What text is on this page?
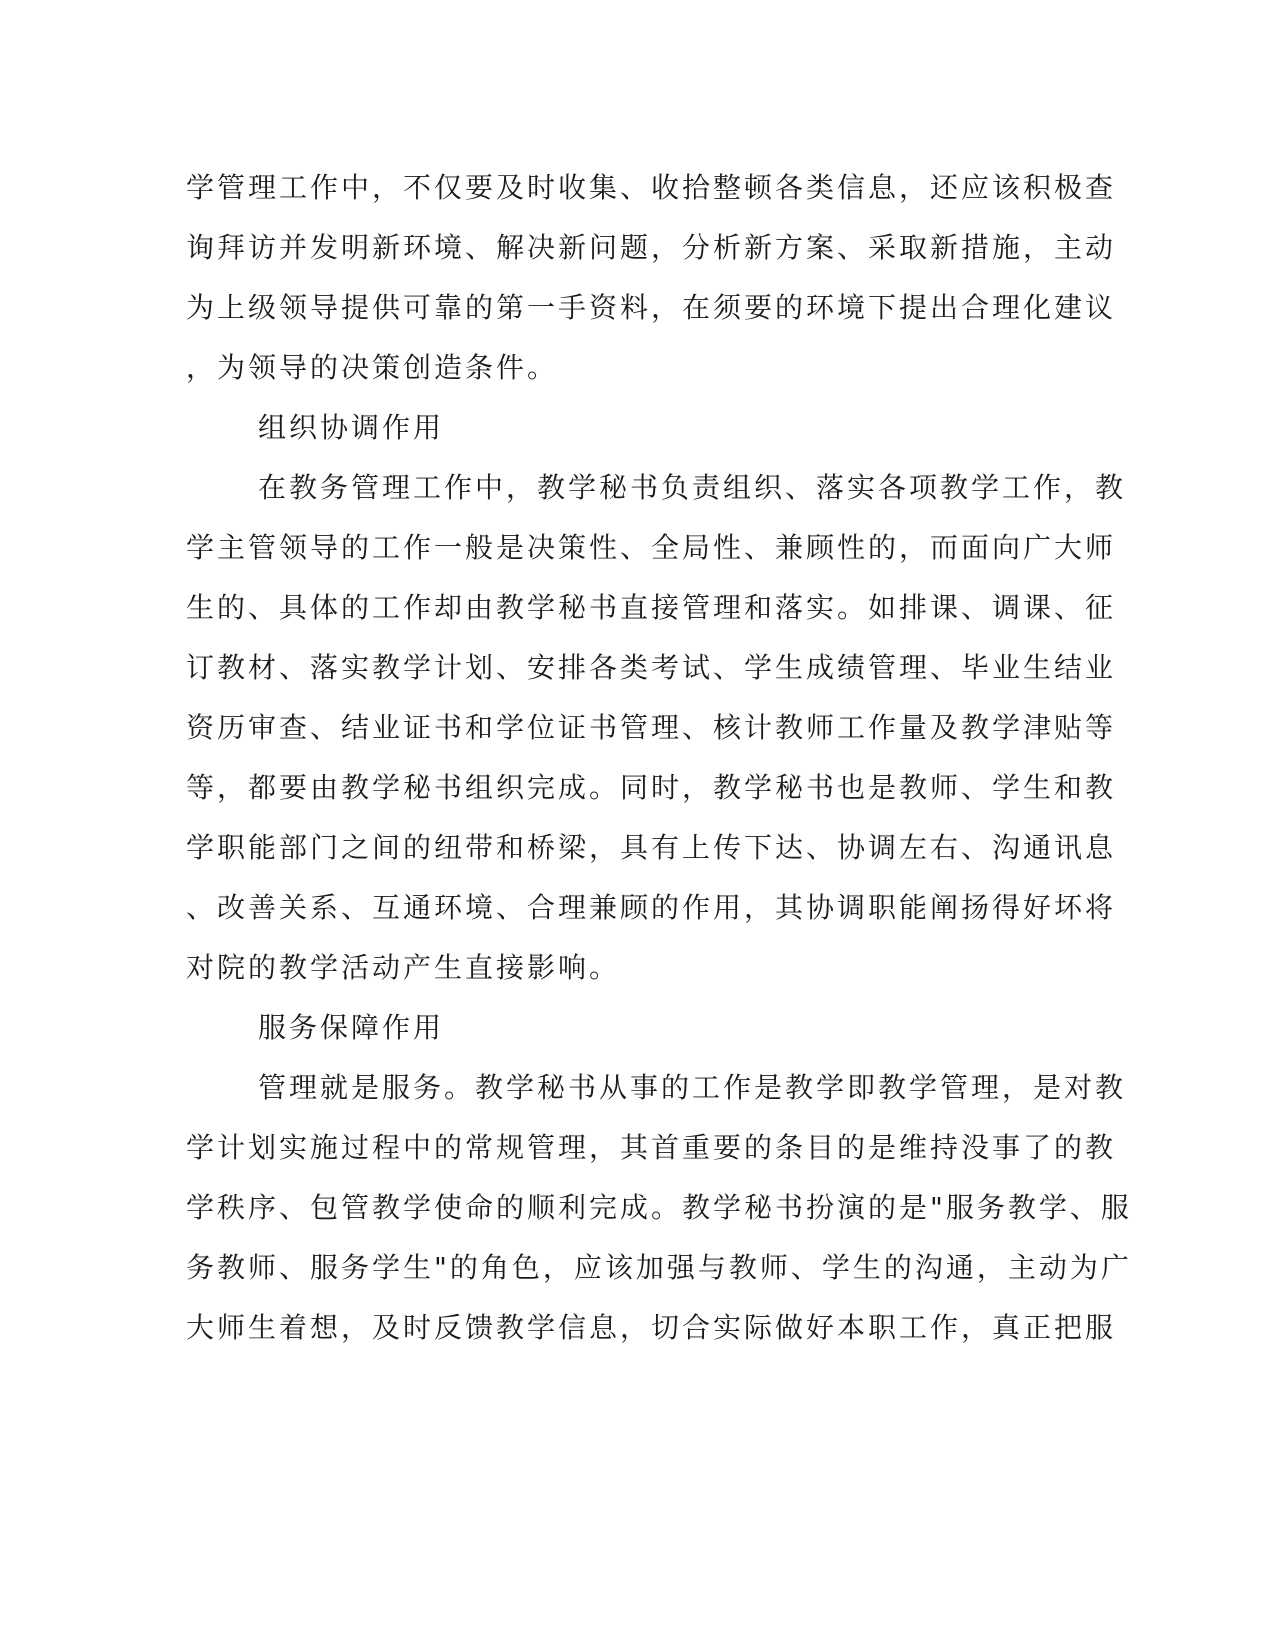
学管理工作中，不仅要及时收集、收拾整顿各类信息，还应该积极查
询拜访并发明新环境、解决新问题，分析新方案、采取新措施，主动
为上级领导提供可靠的第一手资料，在须要的环境下提出合理化建议
，为领导的决策创造条件。
组织协调作用
在教务管理工作中，教学秘书负责组织、落实各项教学工作，教
学主管领导的工作一般是决策性、全局性、兼顾性的，而面向广大师
生的、具体的工作却由教学秘书直接管理和落实。如排课、调课、征
订教材、落实教学计划、安排各类考试、学生成绩管理、毕业生结业
资历审查、结业证书和学位证书管理、核计教师工作量及教学津贴等
等，都要由教学秘书组织完成。同时，教学秘书也是教师、学生和教
学职能部门之间的纽带和桥梁，具有上传下达、协调左右、沟通讯息
、改善关系、互通环境、合理兼顾的作用，其协调职能阐扬得好坏将
对院的教学活动产生直接影响。
服务保障作用
管理就是服务。教学秘书从事的工作是教学即教学管理，是对教
学计划实施过程中的常规管理，其首重要的条目的是维持没事了的教
学秩序、包管教学使命的顺利完成。教学秘书扮演的是"服务教学、服
务教师、服务学生"的角色，应该加强与教师、学生的沟通，主动为广
大师生着想，及时反馈教学信息，切合实际做好本职工作，真正把服
